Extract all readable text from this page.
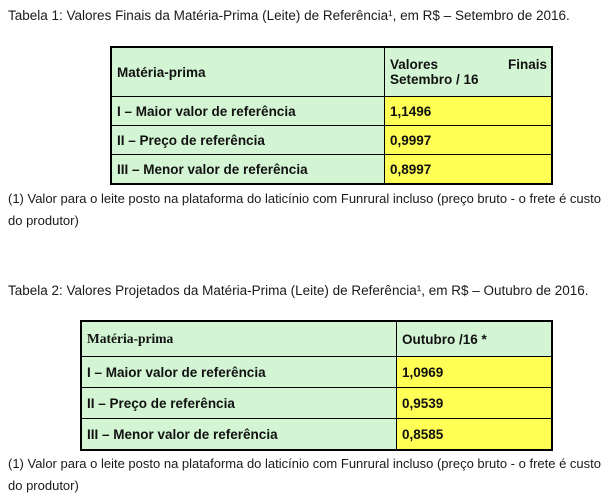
Tabela 1: Valores Finais da Matéria-Prima (Leite) de Referência¹, em R$ – Setembro de 2016.
Matéria-prima	Valores Finais
Setembro / 16

I – Maior valor de referência	1,1496
II – Preço de referência	0,9997
III – Menor valor de referência	0,8997
(1) Valor para o leite posto na plataforma do laticínio com Funrural incluso (preço bruto - o frete é custo do produtor)
Tabela 2: Valores Projetados da Matéria-Prima (Leite) de Referência¹, em R$ – Outubro de 2016.
Matéria-prima	Outubro /16 *
I – Maior valor de referência	1,0969
II – Preço de referência	0,9539
III – Menor valor de referência	0,8585
(1) Valor para o leite posto na plataforma do laticínio com Funrural incluso (preço bruto - o frete é custo do produtor)
